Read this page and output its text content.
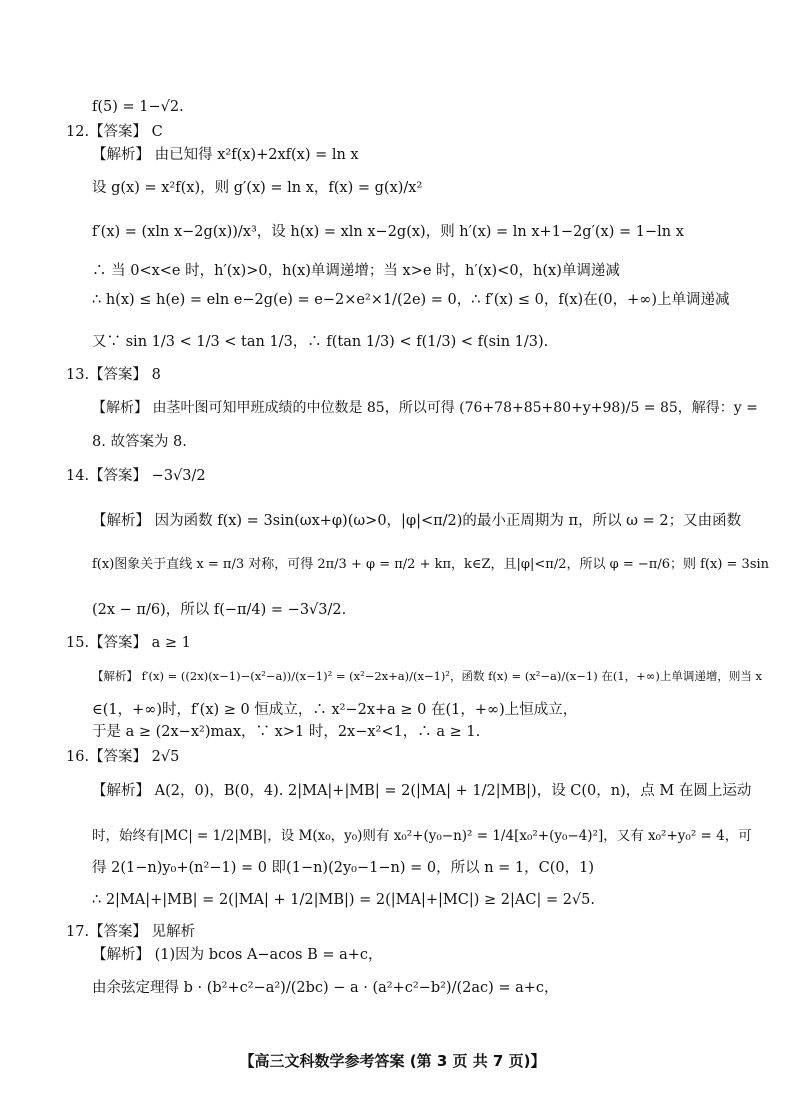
f(5) = 1−√2.
12.【答案】 C
【解析】 由已知得 x²f(x)+2xf(x) = ln x
设 g(x) = x²f(x)，则 g′(x) = ln x，f(x) = g(x)/x²
f′(x) = (xln x−2g(x))/x³，设 h(x) = xln x−2g(x)，则 h′(x) = ln x+1−2g′(x) = 1−ln x
∴ 当 0<x<e 时，h′(x)>0，h(x)单调递增；当 x>e 时，h′(x)<0，h(x)单调递减
∴ h(x) ≤ h(e) = eln e−2g(e) = e−2×e²×1/(2e) = 0，∴ f′(x) ≤ 0，f(x)在(0，+∞)上单调递减
又∵ sin 1/3 < 1/3 < tan 1/3，∴ f(tan 1/3) < f(1/3) < f(sin 1/3).
13.【答案】 8
【解析】 由茎叶图可知甲班成绩的中位数是 85，所以可得 (76+78+85+80+y+98)/5 = 85，解得：y =
8. 故答案为 8.
14.【答案】 −3√3/2
【解析】 因为函数 f(x) = 3sin(ωx+φ)(ω>0，|φ|<π/2)的最小正周期为 π，所以 ω = 2；又由函数
f(x)图象关于直线 x = π/3 对称，可得 2π/3 + φ = π/2 + kπ，k∈Z，且|φ|<π/2，所以 φ = −π/6；则 f(x) = 3sin
(2x − π/6)，所以 f(−π/4) = −3√3/2.
15.【答案】 a ≥ 1
【解析】 f′(x) = ((2x)(x−1)−(x²−a))/(x−1)² = (x²−2x+a)/(x−1)²，函数 f(x) = (x²−a)/(x−1) 在(1，+∞)上单调递增，则当 x
∈(1，+∞)时，f′(x) ≥ 0 恒成立，∴ x²−2x+a ≥ 0 在(1，+∞)上恒成立，
于是 a ≥ (2x−x²)max，∵ x>1 时，2x−x²<1，∴ a ≥ 1.
16.【答案】 2√5
【解析】 A(2，0)，B(0，4). 2|MA|+|MB| = 2(|MA| + 1/2|MB|)，设 C(0，n)，点 M 在圆上运动
时，始终有|MC| = 1/2|MB|，设 M(x₀，y₀)则有 x₀²+(y₀−n)² = 1/4[x₀²+(y₀−4)²]，又有 x₀²+y₀² = 4，可
得 2(1−n)y₀+(n²−1) = 0 即(1−n)(2y₀−1−n) = 0，所以 n = 1，C(0，1)
∴ 2|MA|+|MB| = 2(|MA| + 1/2|MB|) = 2(|MA|+|MC|) ≥ 2|AC| = 2√5.
17.【答案】 见解析
【解析】 (1)因为 bcos A−acos B = a+c，
由余弦定理得 b · (b²+c²−a²)/(2bc) − a · (a²+c²−b²)/(2ac) = a+c，
【高三文科数学参考答案 (第 3 页 共 7 页)】
